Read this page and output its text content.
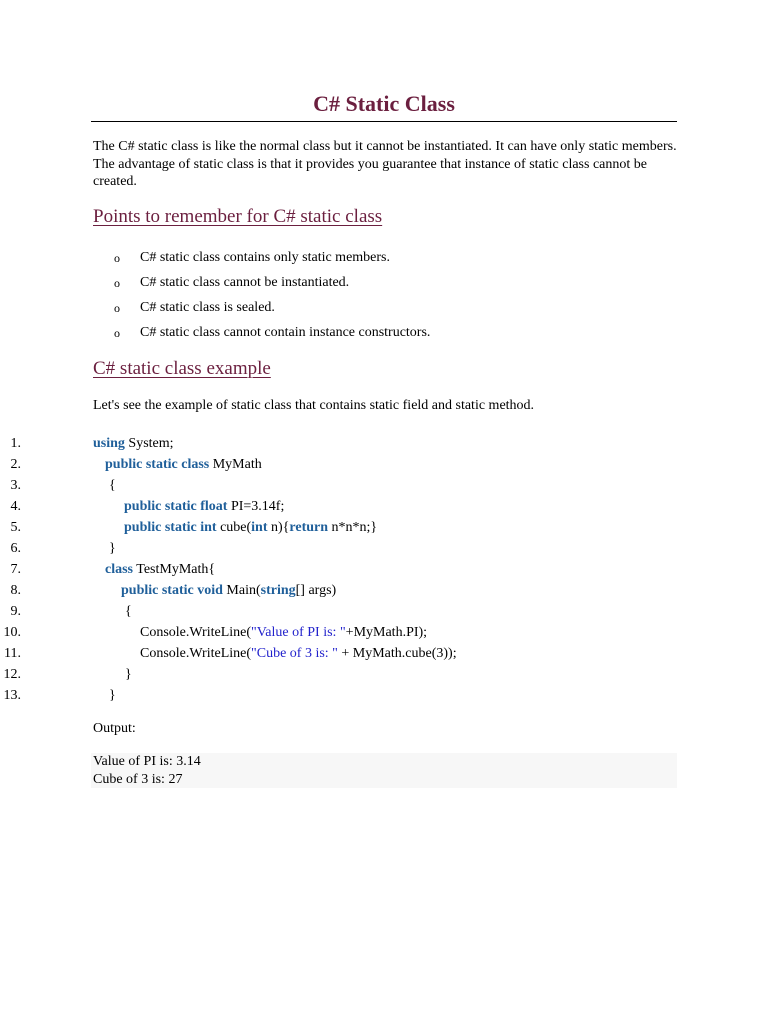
C# Static Class

The C# static class is like the normal class but it cannot be instantiated. It can have only static members. The advantage of static class is that it provides you guarantee that instance of static class cannot be created.

Points to remember for C# static class
o C# static class contains only static members.
o C# static class cannot be instantiated.
o C# static class is sealed.
o C# static class cannot contain instance constructors.
C# static class example

Let's see the example of static class that contains static field and static method.

1.

	using System;

2.

	public static class MyMath

3.

	{

4.

	public static float PI=3.14f;

5.

	public static int cube(int n){return n*n*n;}

6.

	}

7.

	class TestMyMath{

8.

	public static void Main(string[] args)

9.

	{

10.

	Console.WriteLine("Value of PI is: "+MyMath.PI);

11.

	Console.WriteLine("Cube of 3 is: " + MyMath.cube(3));

12.

	}

13.

	}

Output:

Value of PI is: 3.14
Cube of 3 is: 27
